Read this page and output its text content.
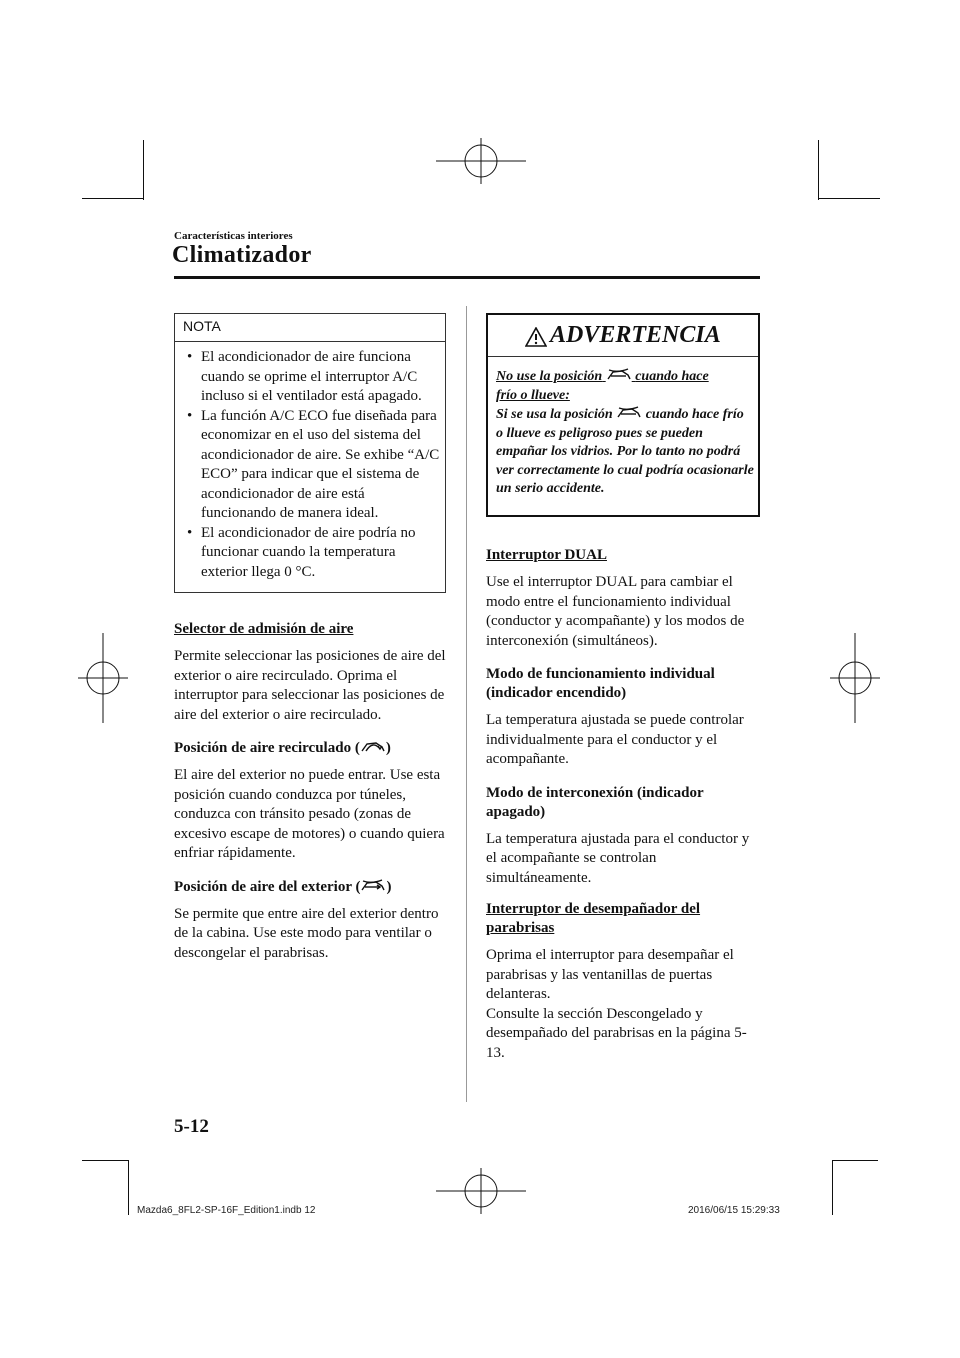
Características interiores
Climatizador
NOTA
• El acondicionador de aire funciona cuando se oprime el interruptor A/C incluso si el ventilador está apagado.
• La función A/C ECO fue diseñada para economizar en el uso del sistema del acondicionador de aire. Se exhibe “A/C ECO” para indicar que el sistema de acondicionador de aire está funcionando de manera ideal.
• El acondicionador de aire podría no funcionar cuando la temperatura exterior llega 0 °C.
Selector de admisión de aire
Permite seleccionar las posiciones de aire del exterior o aire recirculado. Oprima el interruptor para seleccionar las posiciones de aire del exterior o aire recirculado.
Posición de aire recirculado ( )
El aire del exterior no puede entrar. Use esta posición cuando conduzca por túneles, conduzca con tránsito pesado (zonas de excesivo escape de motores) o cuando quiera enfriar rápidamente.
Posición de aire del exterior ( )
Se permite que entre aire del exterior dentro de la cabina. Use este modo para ventilar o descongelar el parabrisas.
ADVERTENCIA
No use la posición cuando hace
frío o llueve:
Si se usa la posición cuando hace frío o llueve es peligroso pues se pueden empañar los vidrios. Por lo tanto no podrá ver correctamente lo cual podría ocasionarle un serio accidente.
Interruptor DUAL
Use el interruptor DUAL para cambiar el modo entre el funcionamiento individual (conductor y acompañante) y los modos de interconexión (simultáneos).
Modo de funcionamiento individual (indicador encendido)
La temperatura ajustada se puede controlar individualmente para el conductor y el acompañante.
Modo de interconexión (indicador apagado)
La temperatura ajustada para el conductor y el acompañante se controlan simultáneamente.
Interruptor de desempañador del parabrisas
Oprima el interruptor para desempañar el parabrisas y las ventanillas de puertas delanteras.
Consulte la sección Descongelado y desempañado del parabrisas en la página 5-13.
5-12
Mazda6_8FL2-SP-16F_Edition1.indb 12	2016/06/15 15:29:33
